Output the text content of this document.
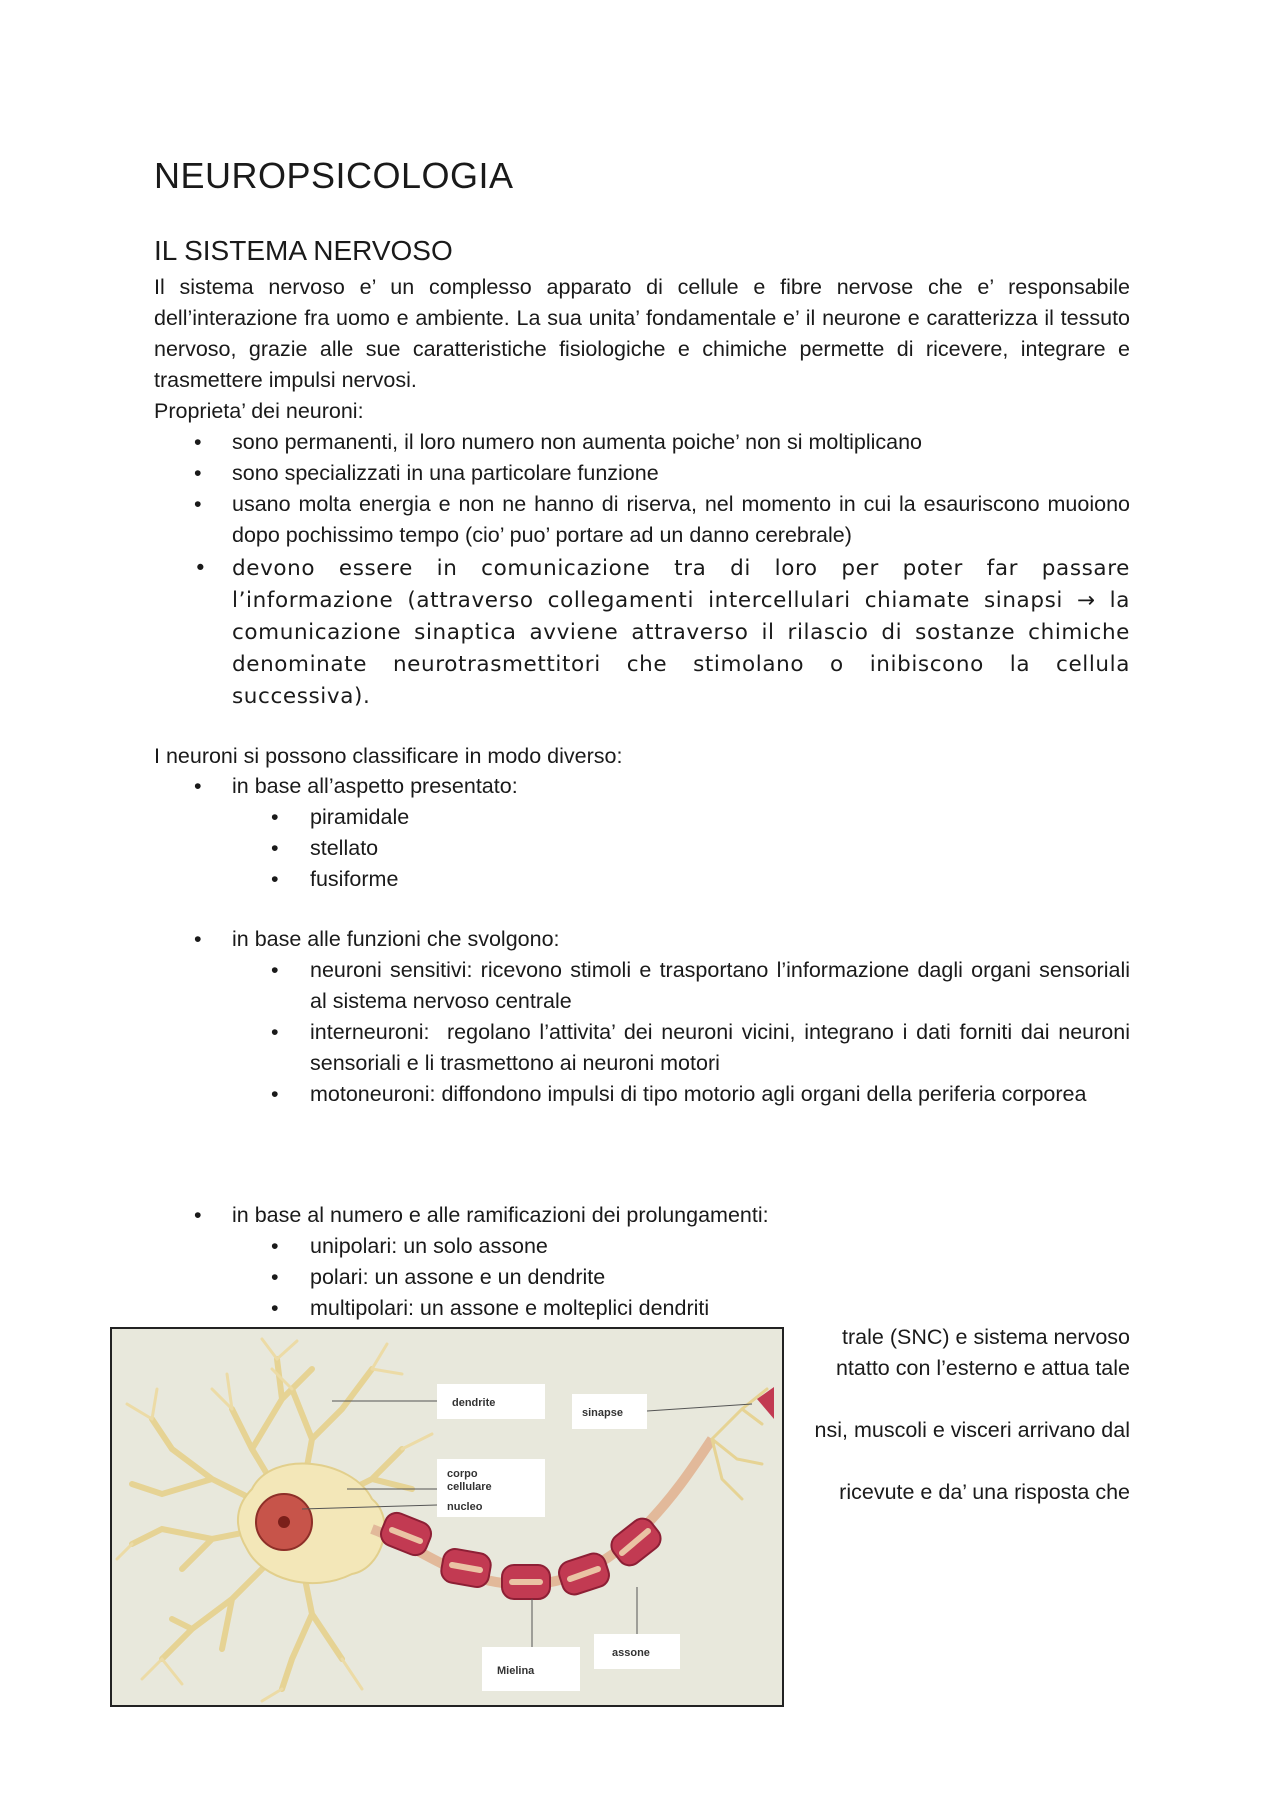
NEUROPSICOLOGIA
IL SISTEMA NERVOSO

Il sistema nervoso e’ un complesso apparato di cellule e fibre nervose che e’ responsabile dell’interazione fra uomo e ambiente. La sua unita’ fondamentale e’ il neurone e caratterizza il tessuto nervoso, grazie alle sue caratteristiche fisiologiche e chimiche permette di ricevere, integrare e trasmettere impulsi nervosi.

Proprieta’ dei neuroni:

• sono permanenti, il loro numero non aumenta poiche’ non si moltiplicano
• sono specializzati in una particolare funzione
• usano molta energia e non ne hanno di riserva, nel momento in cui la esauriscono muoiono dopo pochissimo tempo (cio’ puo’ portare ad un danno cerebrale)
• devono essere in comunicazione tra di loro per poter far passare l’informazione (attraverso collegamenti intercellulari chiamate sinapsi → la comunicazione sinaptica avviene attraverso il rilascio di sostanze chimiche denominate neurotrasmettitori che stimolano o inibiscono la cellula successiva).

I neuroni si possono classificare in modo diverso:

• in base all’aspetto presentato:
• piramidale
• stellato
• fusiforme
• in base alle funzioni che svolgono:
• neuroni sensitivi: ricevono stimoli e trasportano l’informazione dagli organi sensoriali al sistema nervoso centrale
• interneuroni:  regolano l’attivita’ dei neuroni vicini, integrano i dati forniti dai neuroni sensoriali e li trasmettono ai neuroni motori
• motoneuroni: diffondono impulsi di tipo motorio agli organi della periferia corporea
• in base al numero e alle ramificazioni dei prolungamenti:
• unipolari: un solo assone
• polari: un assone e un dendrite
• multipolari: un assone e molteplici dendriti
trale (SNC) e sistema nervoso
ntatto con l’esterno e attua tale

nsi, muscoli e visceri arrivano dal

ricevute e da’ una risposta che
dendrite
sinapse
corpo
cellulare
nucleo
assone
Mielina
